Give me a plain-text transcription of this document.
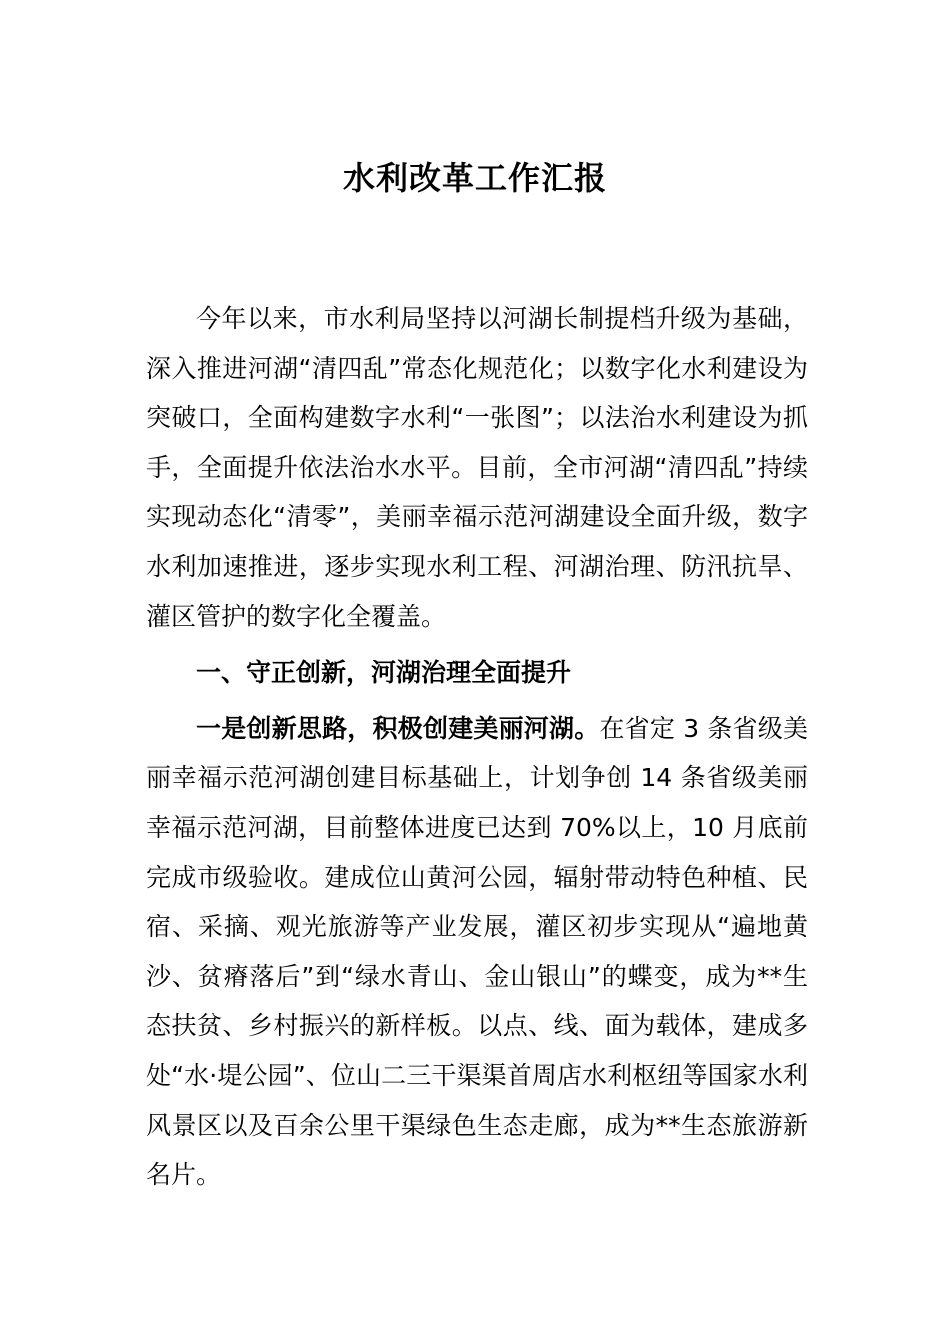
水利改革工作汇报

今年以来，市水利局坚持以河湖长制提档升级为基础，深入推进河湖“清四乱”常态化规范化；以数字化水利建设为突破口，全面构建数字水利“一张图”；以法治水利建设为抓手，全面提升依法治水水平。目前，全市河湖“清四乱”持续实现动态化“清零”，美丽幸福示范河湖建设全面升级，数字水利加速推进，逐步实现水利工程、河湖治理、防汛抗旱、灌区管护的数字化全覆盖。

一、守正创新，河湖治理全面提升

一是创新思路，积极创建美丽河湖。在省定 3 条省级美丽幸福示范河湖创建目标基础上，计划争创 14 条省级美丽幸福示范河湖，目前整体进度已达到 70%以上，10 月底前完成市级验收。建成位山黄河公园，辐射带动特色种植、民宿、采摘、观光旅游等产业发展，灌区初步实现从“遍地黄沙、贫瘠落后”到“绿水青山、金山银山”的蝶变，成为**生态扶贫、乡村振兴的新样板。以点、线、面为载体，建成多处“水·堤公园”、位山二三干渠渠首周店水利枢纽等国家水利风景区以及百余公里干渠绿色生态走廊，成为**生态旅游新名片。
